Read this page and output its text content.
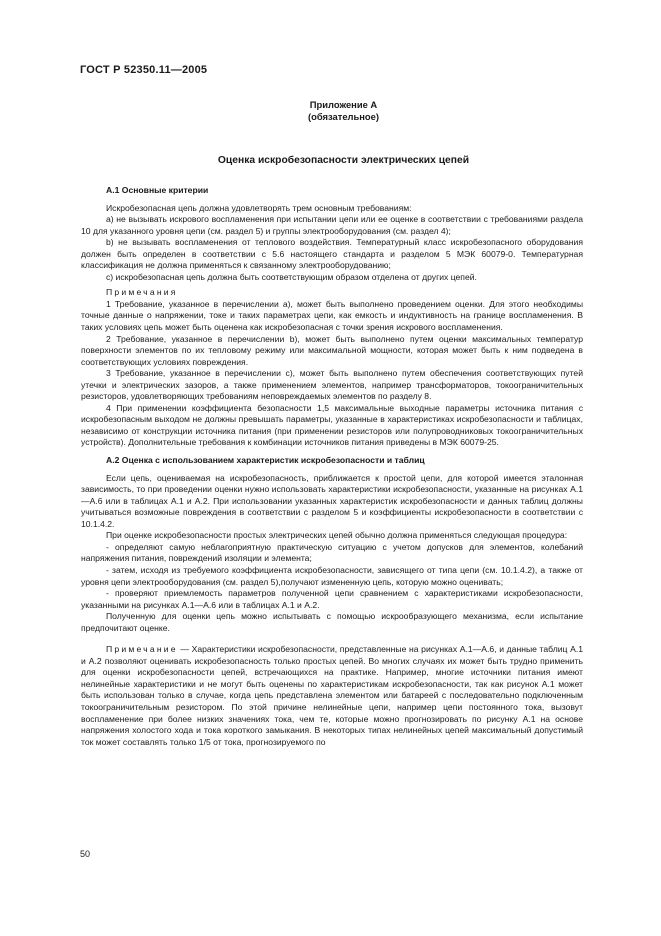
ГОСТ Р 52350.11—2005
Приложение А
(обязательное)
Оценка искробезопасности электрических цепей

А.1 Основные критерии

Искробезопасная цепь должна удовлетворять трем основным требованиям:

а) не вызывать искрового воспламенения при испытании цепи или ее оценке в соответствии с требованиями раздела 10 для указанного уровня цепи (см. раздел 5) и группы электрооборудования (см. раздел 4);

b) не вызывать воспламенения от теплового воздействия. Температурный класс искробезопасного оборудования должен быть определен в соответствии с 5.6 настоящего стандарта и разделом 5 МЭК 60079-0. Температурная классификация не должна применяться к связанному электрооборудованию;

с) искробезопасная цепь должна быть соответствующим образом отделена от других цепей.

Примечания

1 Требование, указанное в перечислении а), может быть выполнено проведением оценки. Для этого необходимы точные данные о напряжении, токе и таких параметрах цепи, как емкость и индуктивность на границе воспламенения. В таких условиях цепь может быть оценена как искробезопасная с точки зрения искрового воспламенения.

2 Требование, указанное в перечислении b), может быть выполнено путем оценки максимальных температур поверхности элементов по их тепловому режиму или максимальной мощности, которая может быть к ним подведена в соответствующих условиях повреждения.

3 Требование, указанное в перечислении с), может быть выполнено путем обеспечения соответствующих путей утечки и электрических зазоров, а также применением элементов, например трансформаторов, токоограничительных резисторов, удовлетворяющих требованиям неповреждаемых элементов по разделу 8.

4 При применении коэффициента безопасности 1,5 максимальные выходные параметры источника питания с искробезопасным выходом не должны превышать параметры, указанные в характеристиках искробезопасности и таблицах, независимо от конструкции источника питания (при применении резисторов или полупроводниковых токоограничительных устройств). Дополнительные требования к комбинации источников питания приведены в МЭК 60079-25.

А.2 Оценка с использованием характеристик искробезопасности и таблиц

Если цепь, оцениваемая на искробезопасность, приближается к простой цепи, для которой имеется эталонная зависимость, то при проведении оценки нужно использовать характеристики искробезопасности, указанные на рисунках А.1—А.6 или в таблицах А.1 и А.2. При использовании указанных характеристик искробезопасности и данных таблиц должны учитываться возможные повреждения в соответствии с разделом 5 и коэффициенты искробезопасности в соответствии с 10.1.4.2.

При оценке искробезопасности простых электрических цепей обычно должна применяться следующая процедура:

- определяют самую неблагоприятную практическую ситуацию с учетом допусков для элементов, колебаний напряжения питания, повреждений изоляции и элемента;

- затем, исходя из требуемого коэффициента искробезопасности, зависящего от типа цепи (см. 10.1.4.2), а также от уровня цепи электрооборудования (см. раздел 5),получают измененную цепь, которую можно оценивать;

- проверяют приемлемость параметров полученной цепи сравнением с характеристиками искробезопасности, указанными на рисунках А.1—А.6 или в таблицах А.1 и А.2.

Полученную для оценки цепь можно испытывать с помощью искрообразующего механизма, если испытание предпочитают оценке.

Примечание — Характеристики искробезопасности, представленные на рисунках А.1—А.6, и данные таблиц А.1 и А.2 позволяют оценивать искробезопасность только простых цепей. Во многих случаях их может быть трудно применить для оценки искробезопасности цепей, встречающихся на практике. Например, многие источники питания имеют нелинейные характеристики и не могут быть оценены по характеристикам искробезопасности, так как рисунок А.1 может быть использован только в случае, когда цепь представлена элементом или батареей с последовательно подключенным токоограничительным резистором. По этой причине нелинейные цепи, например цепи постоянного тока, вызовут воспламенение при более низких значениях тока, чем те, которые можно прогнозировать по рисунку А.1 на основе напряжения холостого хода и тока короткого замыкания. В некоторых типах нелинейных цепей максимальный допустимый ток может составлять только 1/5 от тока, прогнозируемого по

50
